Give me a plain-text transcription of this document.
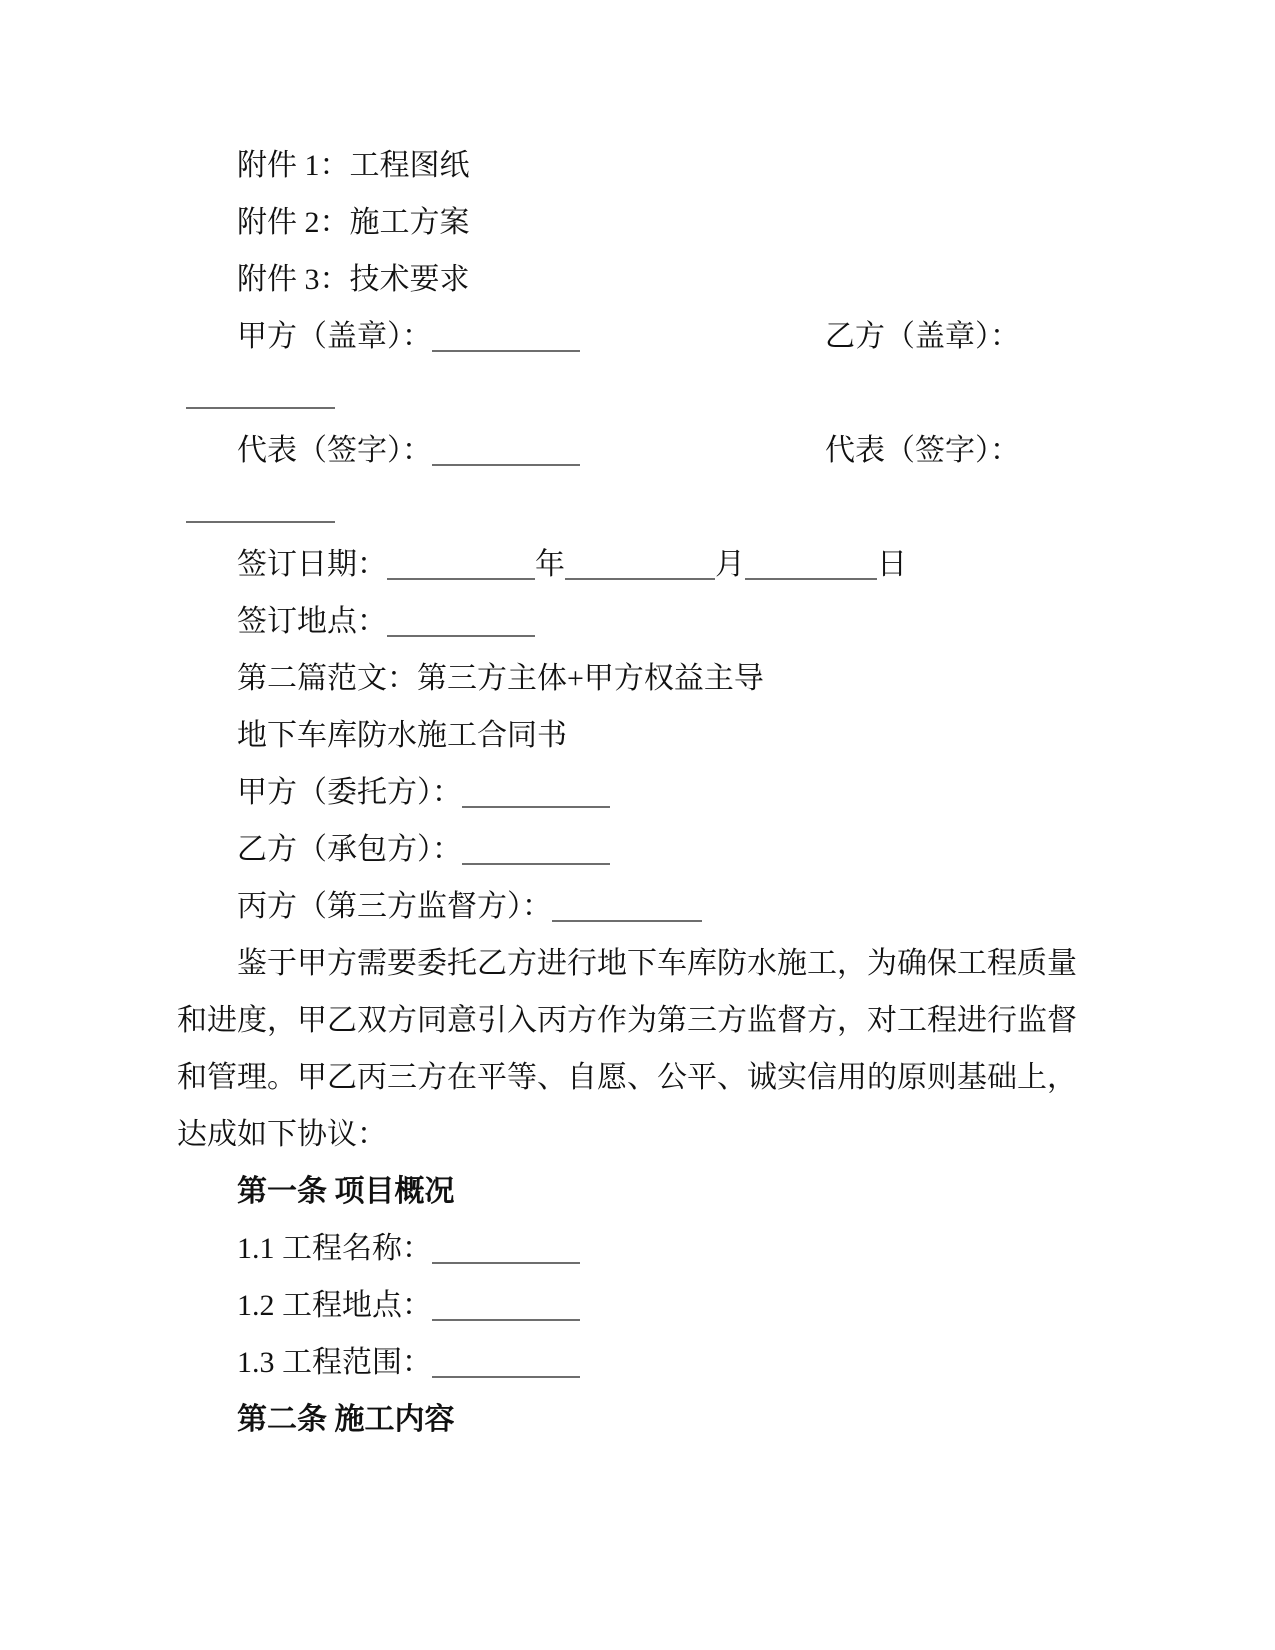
附件 1：工程图纸
附件 2：施工方案
附件 3：技术要求
甲方（盖章）：	乙方（盖章）：
代表（签字）：	代表（签字）：
签订日期：	年	月	日
签订地点：
第二篇范文：第三方主体+甲方权益主导
地下车库防水施工合同书
甲方（委托方）：
乙方（承包方）：
丙方（第三方监督方）：
鉴于甲方需要委托乙方进行地下车库防水施工，为确保工程质量
和进度，甲乙双方同意引入丙方作为第三方监督方，对工程进行监督
和管理。甲乙丙三方在平等、自愿、公平、诚实信用的原则基础上，
达成如下协议：
第一条 项目概况
1.1 工程名称：
1.2 工程地点：
1.3 工程范围：
第二条 施工内容
